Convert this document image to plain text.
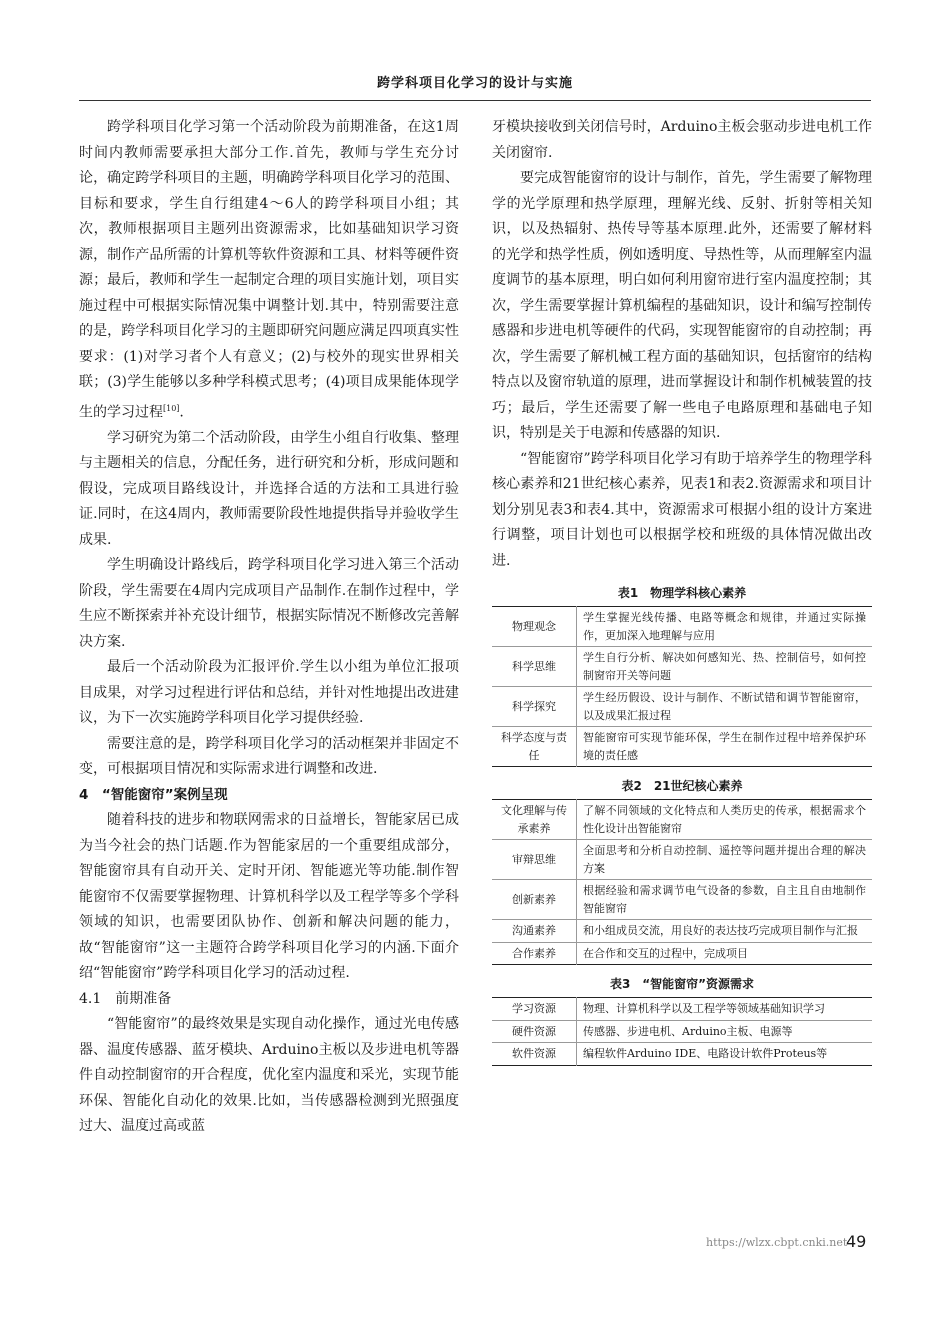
跨学科项目化学习的设计与实施

跨学科项目化学习第一个活动阶段为前期准备，在这1周时间内教师需要承担大部分工作.首先，教师与学生充分讨论，确定跨学科项目的主题，明确跨学科项目化学习的范围、目标和要求，学生自行组建4～6人的跨学科项目小组；其次，教师根据项目主题列出资源需求，比如基础知识学习资源，制作产品所需的计算机等软件资源和工具、材料等硬件资源；最后，教师和学生一起制定合理的项目实施计划，项目实施过程中可根据实际情况集中调整计划.其中，特别需要注意的是，跨学科项目化学习的主题即研究问题应满足四项真实性要求：(1)对学习者个人有意义；(2)与校外的现实世界相关联；(3)学生能够以多种学科模式思考；(4)项目成果能体现学生的学习过程[10].

学习研究为第二个活动阶段，由学生小组自行收集、整理与主题相关的信息，分配任务，进行研究和分析，形成问题和假设，完成项目路线设计，并选择合适的方法和工具进行验证.同时，在这4周内，教师需要阶段性地提供指导并验收学生成果.

学生明确设计路线后，跨学科项目化学习进入第三个活动阶段，学生需要在4周内完成项目产品制作.在制作过程中，学生应不断探索并补充设计细节，根据实际情况不断修改完善解决方案.

最后一个活动阶段为汇报评价.学生以小组为单位汇报项目成果，对学习过程进行评估和总结，并针对性地提出改进建议，为下一次实施跨学科项目化学习提供经验.

需要注意的是，跨学科项目化学习的活动框架并非固定不变，可根据项目情况和实际需求进行调整和改进.

4　“智能窗帘”案例呈现

随着科技的进步和物联网需求的日益增长，智能家居已成为当今社会的热门话题.作为智能家居的一个重要组成部分，智能窗帘具有自动开关、定时开闭、智能遮光等功能.制作智能窗帘不仅需要掌握物理、计算机科学以及工程学等多个学科领域的知识，也需要团队协作、创新和解决问题的能力，故“智能窗帘”这一主题符合跨学科项目化学习的内涵.下面介绍“智能窗帘”跨学科项目化学习的活动过程.

4.1　前期准备

“智能窗帘”的最终效果是实现自动化操作，通过光电传感器、温度传感器、蓝牙模块、Arduino主板以及步进电机等器件自动控制窗帘的开合程度，优化室内温度和采光，实现节能环保、智能化自动化的效果.比如，当传感器检测到光照强度过大、温度过高或蓝

牙模块接收到关闭信号时，Arduino主板会驱动步进电机工作关闭窗帘.

要完成智能窗帘的设计与制作，首先，学生需要了解物理学的光学原理和热学原理，理解光线、反射、折射等相关知识，以及热辐射、热传导等基本原理.此外，还需要了解材料的光学和热学性质，例如透明度、导热性等，从而理解室内温度调节的基本原理，明白如何利用窗帘进行室内温度控制；其次，学生需要掌握计算机编程的基础知识，设计和编写控制传感器和步进电机等硬件的代码，实现智能窗帘的自动控制；再次，学生需要了解机械工程方面的基础知识，包括窗帘的结构特点以及窗帘轨道的原理，进而掌握设计和制作机械装置的技巧；最后，学生还需要了解一些电子电路原理和基础电子知识，特别是关于电源和传感器的知识.

“智能窗帘”跨学科项目化学习有助于培养学生的物理学科核心素养和21世纪核心素养，见表1和表2.资源需求和项目计划分别见表3和表4.其中，资源需求可根据小组的设计方案进行调整，项目计划也可以根据学校和班级的具体情况做出改进.

表1　物理学科核心素养
物理观念	学生掌握光线传播、电路等概念和规律，并通过实际操作，更加深入地理解与应用
科学思维	学生自行分析、解决如何感知光、热、控制信号，如何控制窗帘开关等问题
科学探究	学生经历假设、设计与制作、不断试错和调节智能窗帘，以及成果汇报过程
科学态度与责任	智能窗帘可实现节能环保，学生在制作过程中培养保护环境的责任感
表2　21世纪核心素养
文化理解与传承素养	了解不同领域的文化特点和人类历史的传承，根据需求个性化设计出智能窗帘
审辩思维	全面思考和分析自动控制、遥控等问题并提出合理的解决方案
创新素养	根据经验和需求调节电气设备的参数，自主且自由地制作智能窗帘
沟通素养	和小组成员交流，用良好的表达技巧完成项目制作与汇报
合作素养	在合作和交互的过程中，完成项目
表3　“智能窗帘”资源需求
学习资源	物理、计算机科学以及工程学等领域基础知识学习
硬件资源	传感器、步进电机、Arduino主板、电源等
软件资源	编程软件Arduino IDE、电路设计软件Proteus等
https://wlzx.cbpt.cnki.net
49
